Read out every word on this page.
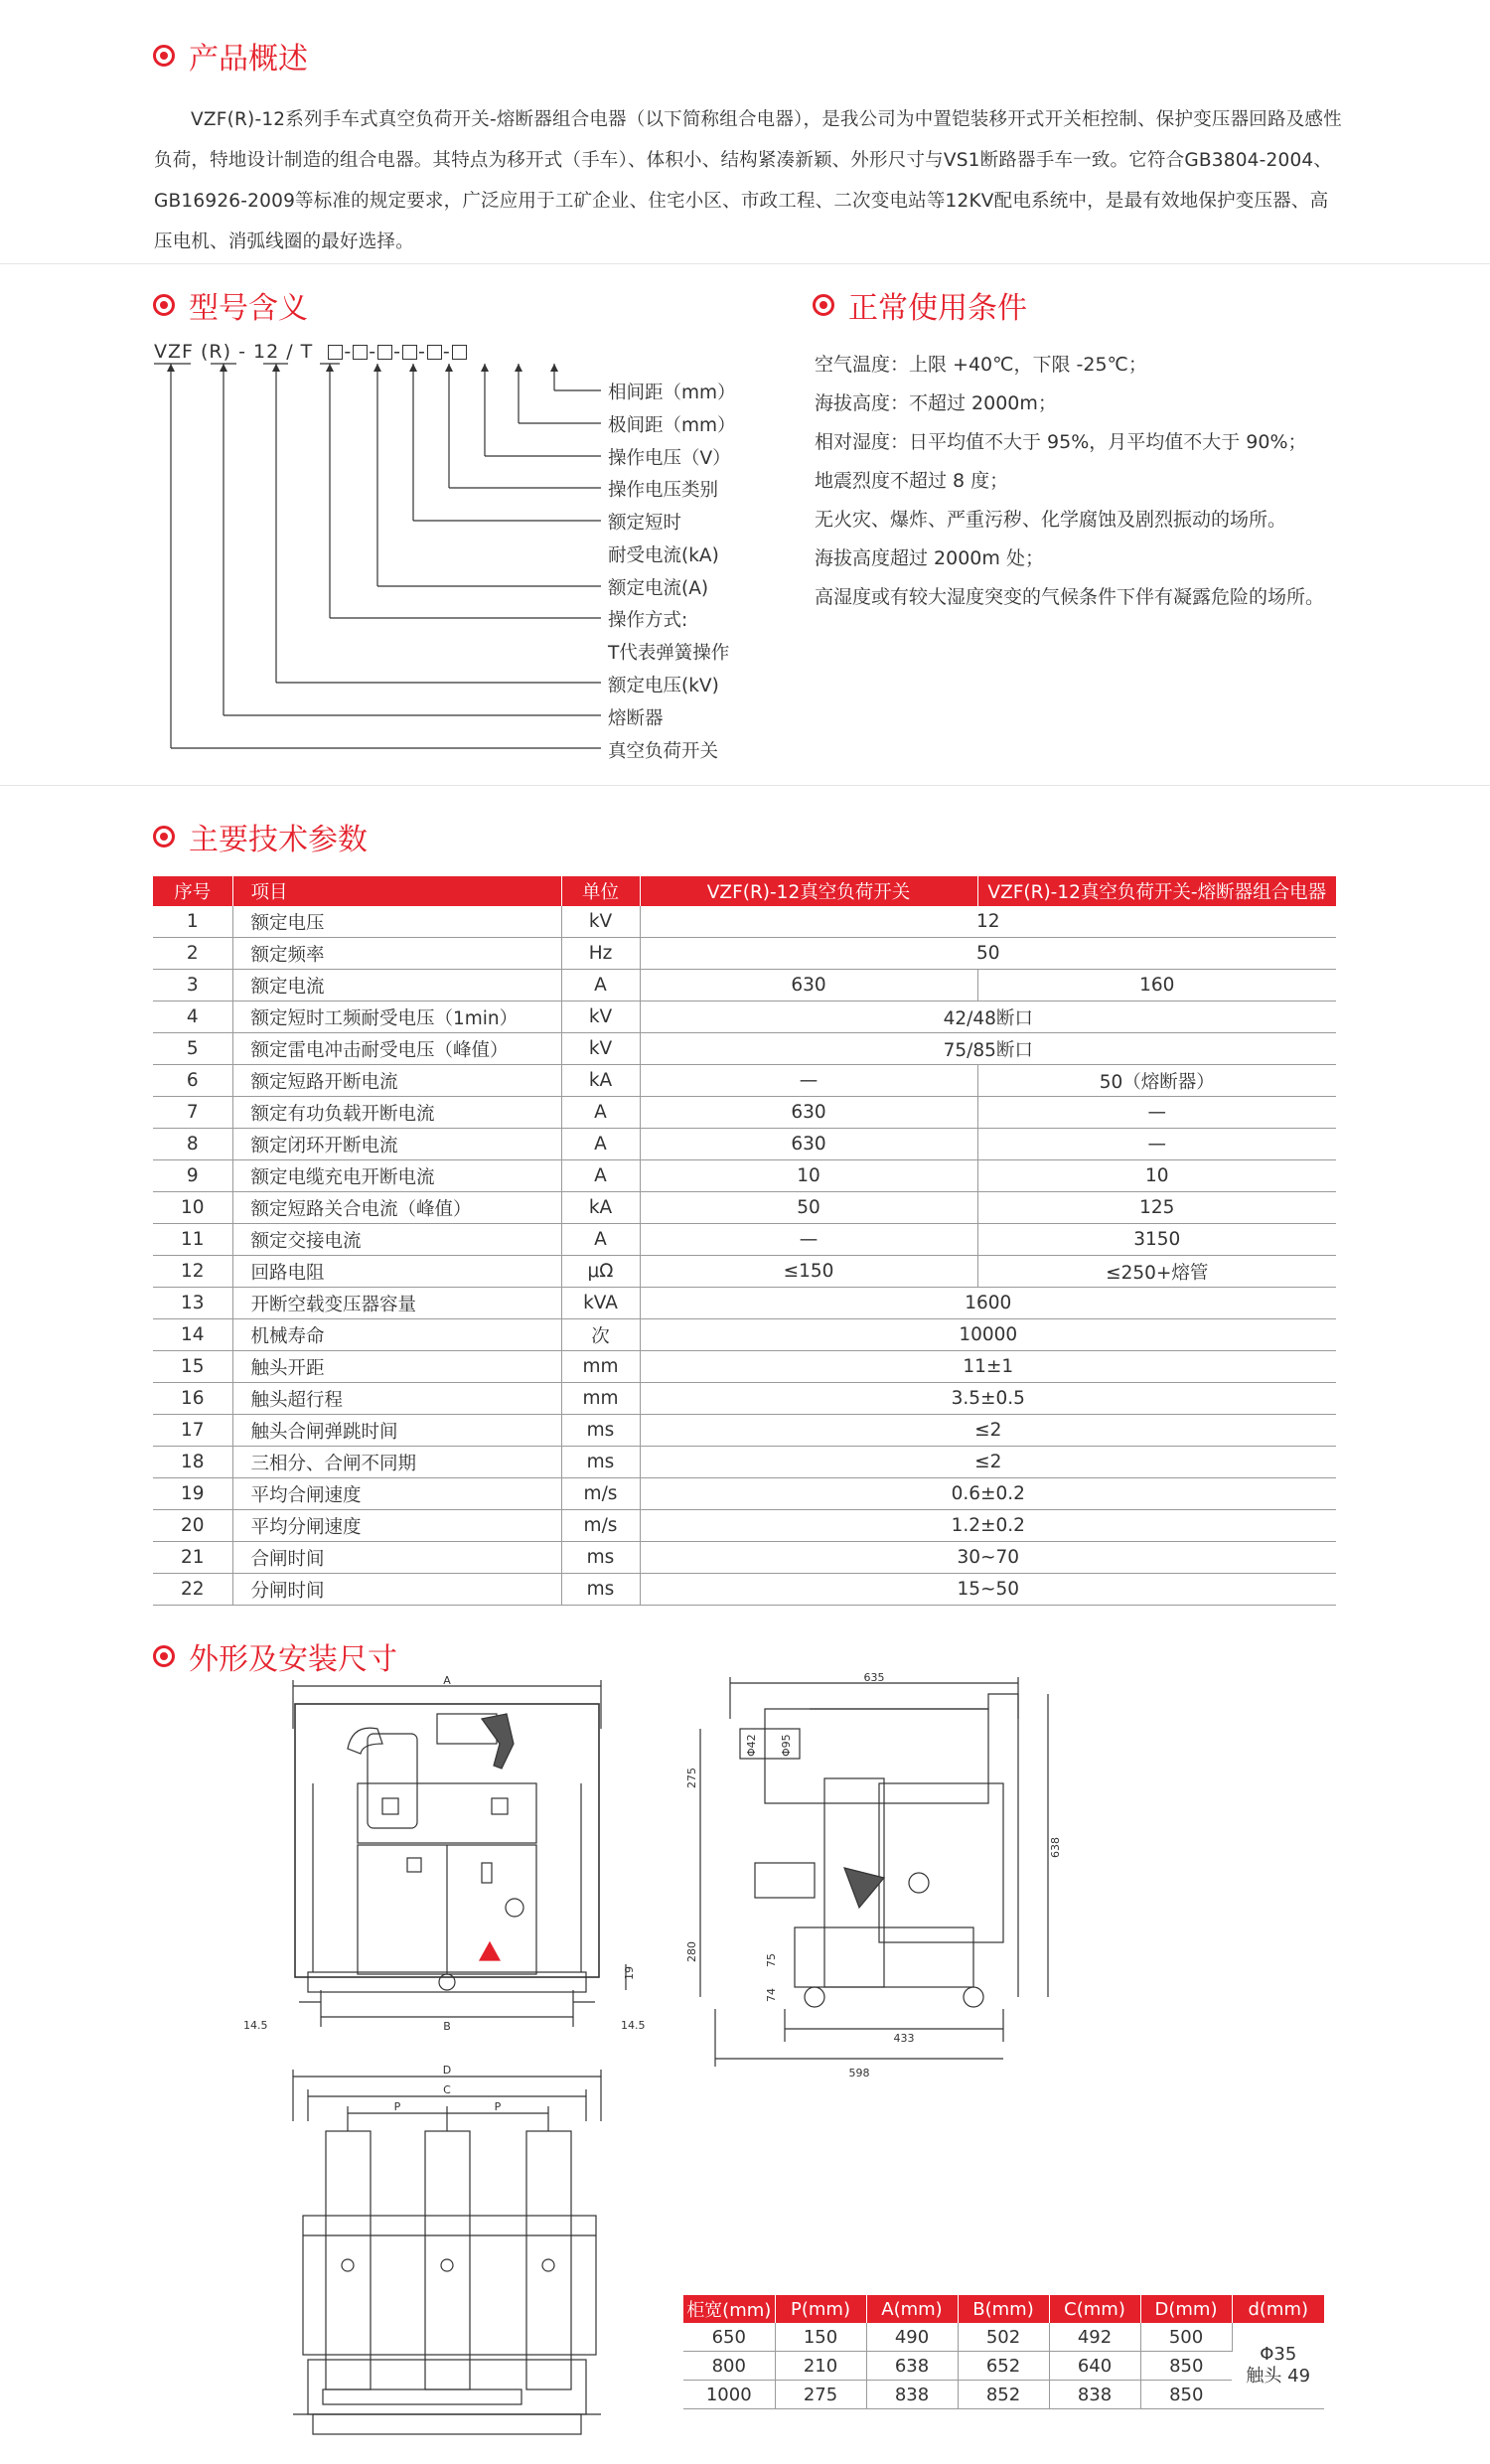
产品概述
VZF(R)-12系列手车式真空负荷开关-熔断器组合电器（以下简称组合电器），是我公司为中置铠装移开式开关柜控制、保护变压器回路及感性负荷，特地设计制造的组合电器。其特点为移开式（手车）、体积小、结构紧凑新颖、外形尺寸与VS1断路器手车一致。它符合GB3804-2004、GB16926-2009等标准的规定要求，广泛应用于工矿企业、住宅小区、市政工程、二次变电站等12KV配电系统中，是最有效地保护变压器、高压电机、消弧线圈的最好选择。
型号含义
VZF (R) - 12 / T - - - - -
相间距（mm）
极间距（mm）
操作电压（V）
操作电压类别
额定短时
耐受电流(kA)
额定电流(A)
操作方式:
T代表弹簧操作
额定电压(kV)
熔断器
真空负荷开关
正常使用条件
空气温度：上限 +40℃，下限 -25℃；
海拔高度：不超过 2000m；
相对湿度：日平均值不大于 95%，月平均值不大于 90%；
地震烈度不超过 8 度；
无火灾、爆炸、严重污秽、化学腐蚀及剧烈振动的场所。
海拔高度超过 2000m 处；
高湿度或有较大湿度突变的气候条件下伴有凝露危险的场所。
主要技术参数
序号	项目	单位	VZF(R)-12真空负荷开关	VZF(R)-12真空负荷开关-熔断器组合电器
1	额定电压	kV	12	
2	额定频率	Hz	50	
3	额定电流	A	630	160
4	额定短时工频耐受电压（1min）	kV	42/48断口	
5	额定雷电冲击耐受电压（峰值）	kV	75/85断口	
6	额定短路开断电流	kA	—	50（熔断器）
7	额定有功负载开断电流	A	630	—
8	额定闭环开断电流	A	630	—
9	额定电缆充电开断电流	A	10	10
10	额定短路关合电流（峰值）	kA	50	125
11	额定交接电流	A	—	3150
12	回路电阻	μΩ	≤150	≤250+熔管
13	开断空载变压器容量	kVA	1600	
14	机械寿命	次	10000	
15	触头开距	mm	11±1	
16	触头超行程	mm	3.5±0.5	
17	触头合闸弹跳时间	ms	≤2	
18	三相分、合闸不同期	ms	≤2	
19	平均合闸速度	m/s	0.6±0.2	
20	平均分闸速度	m/s	1.2±0.2	
21	合闸时间	ms	30~70	
22	分闸时间	ms	15~50	
外形及安装尺寸
A
B
14.5	14.5
19
635
275
280
Φ42 Φ95
638
75
74
433
598
D
C
P	P
柜宽(mm)	P(mm)	A(mm)	B(mm)	C(mm)	D(mm)	d(mm)
650	150	490	502	492	500	Φ35
触头 49

800	210	638	652	640	850	
1000	275	838	852	838	850	
